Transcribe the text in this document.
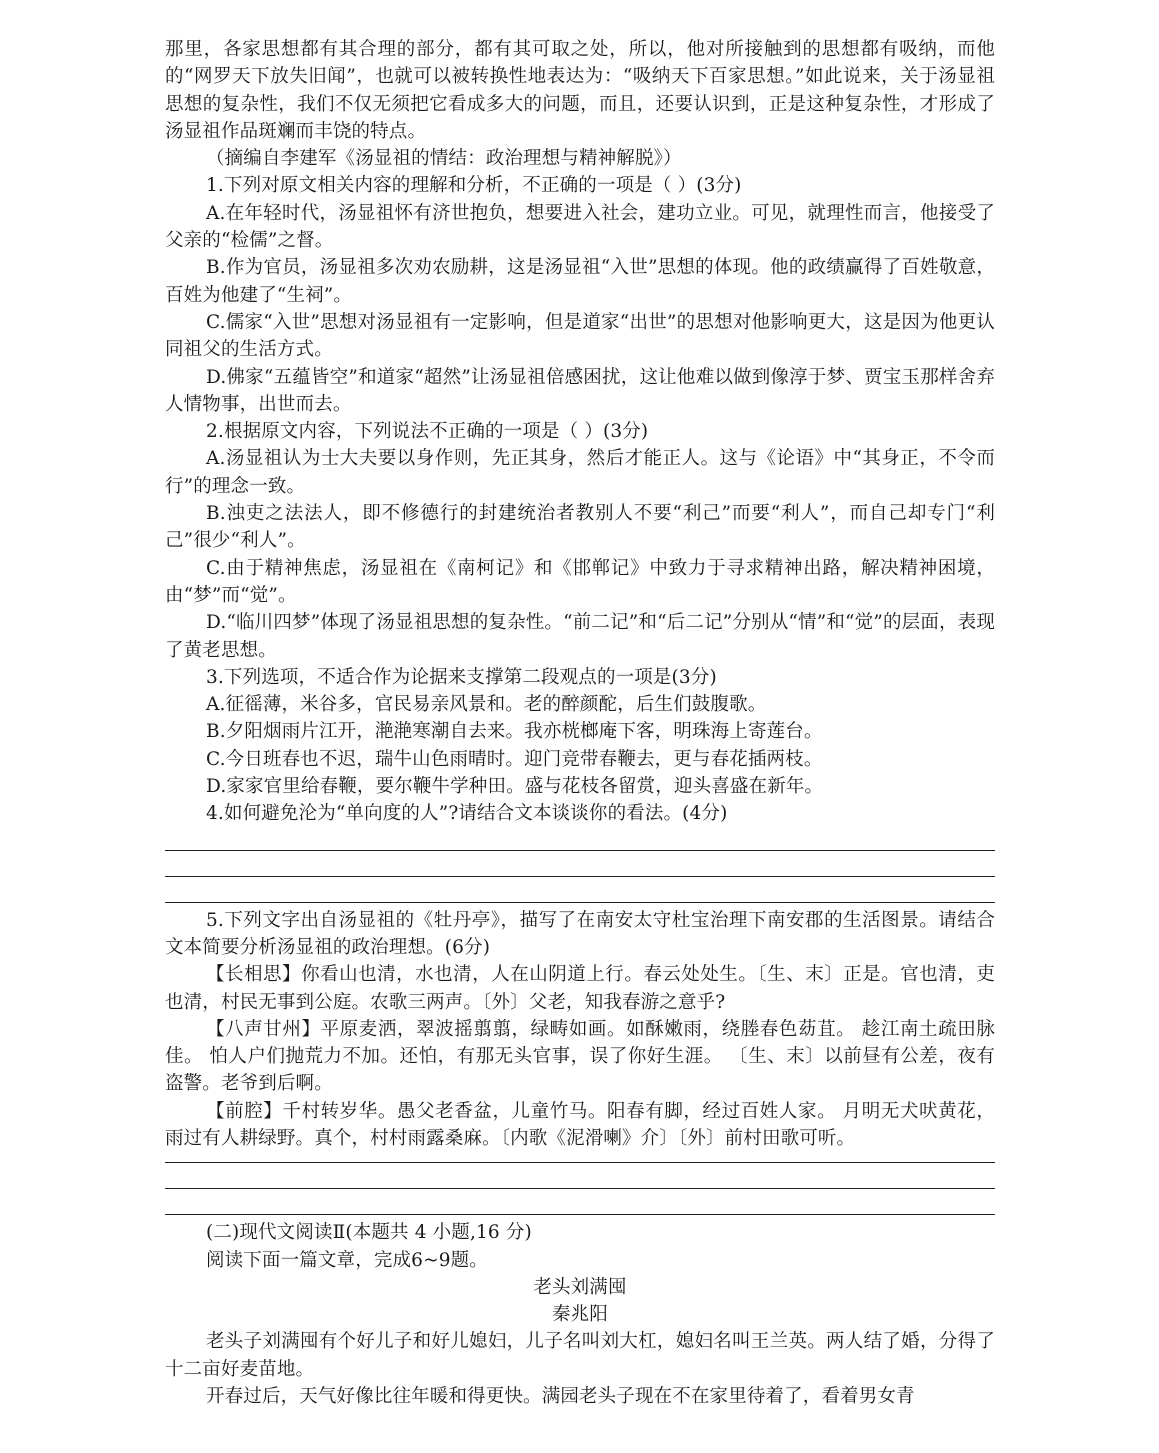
那里，各家思想都有其合理的部分，都有其可取之处，所以，他对所接触到的思想都有吸纳，而他的“网罗天下放失旧闻”，也就可以被转换性地表达为：“吸纳天下百家思想。”如此说来，关于汤显祖思想的复杂性，我们不仅无须把它看成多大的问题，而且，还要认识到，正是这种复杂性，才形成了汤显祖作品斑斓而丰饶的特点。

（摘编自李建军《汤显祖的情结：政治理想与精神解脱》）

1.下列对原文相关内容的理解和分析，不正确的一项是（ ）(3分)

A.在年轻时代，汤显祖怀有济世抱负，想要进入社会，建功立业。可见，就理性而言，他接受了父亲的“检儒”之督。

B.作为官员，汤显祖多次劝农励耕，这是汤显祖“入世”思想的体现。他的政绩赢得了百姓敬意，百姓为他建了“生祠”。

C.儒家“入世”思想对汤显祖有一定影响，但是道家“出世”的思想对他影响更大，这是因为他更认同祖父的生活方式。

D.佛家“五蕴皆空”和道家“超然”让汤显祖倍感困扰，这让他难以做到像淳于梦、贾宝玉那样舍弃人情物事，出世而去。

2.根据原文内容，下列说法不正确的一项是（ ）(3分)

A.汤显祖认为士大夫要以身作则，先正其身，然后才能正人。这与《论语》中“其身正，不令而行”的理念一致。

B.浊吏之法法人，即不修德行的封建统治者教别人不要“利己”而要“利人”，而自己却专门“利己”很少“利人”。

C.由于精神焦虑，汤显祖在《南柯记》和《邯郸记》中致力于寻求精神出路，解决精神困境，由“梦”而“觉”。

D.“临川四梦”体现了汤显祖思想的复杂性。“前二记”和“后二记”分别从“情”和“觉”的层面，表现了黄老思想。

3.下列选项，不适合作为论据来支撑第二段观点的一项是(3分)

A.征徭薄，米谷多，官民易亲风景和。老的醉颜酡，后生们鼓腹歌。

B.夕阳烟雨片江开，滟滟寒潮自去来。我亦桄榔庵下客，明珠海上寄莲台。

C.今日班春也不迟，瑞牛山色雨晴时。迎门竞带春鞭去，更与春花插两枝。

D.家家官里给春鞭，要尔鞭牛学种田。盛与花枝各留赏，迎头喜盛在新年。

4.如何避免沦为“单向度的人”?请结合文本谈谈你的看法。(4分)

5.下列文字出自汤显祖的《牡丹亭》，描写了在南安太守杜宝治理下南安郡的生活图景。请结合文本简要分析汤显祖的政治理想。(6分)

【长相思】你看山也清，水也清，人在山阴道上行。春云处处生。〔生、末〕正是。官也清，吏也清，村民无事到公庭。农歌三两声。〔外〕父老，知我春游之意乎?

【八声甘州】平原麦洒，翠波摇翦翦，绿畴如画。如酥嫩雨，绕塍春色苭苴。 趁江南土疏田脉佳。 怕人户们抛荒力不加。还怕，有那无头官事，误了你好生涯。 〔生、末〕以前昼有公差，夜有盗警。老爷到后啊。

【前腔】千村转岁华。愚父老香盆，儿童竹马。阳春有脚，经过百姓人家。 月明无犬吠黄花，雨过有人耕绿野。真个，村村雨露桑麻。〔内歌《泥滑喇》介〕〔外〕前村田歌可听。

(二)现代文阅读Ⅱ(本题共 4 小题,16 分)

阅读下面一篇文章，完成6~9题。

老头刘满囤

秦兆阳

老头子刘满囤有个好儿子和好儿媳妇，儿子名叫刘大杠，媳妇名叫王兰英。两人结了婚，分得了十二亩好麦苗地。

开春过后，天气好像比往年暖和得更快。满园老头子现在不在家里待着了，看着男女青
